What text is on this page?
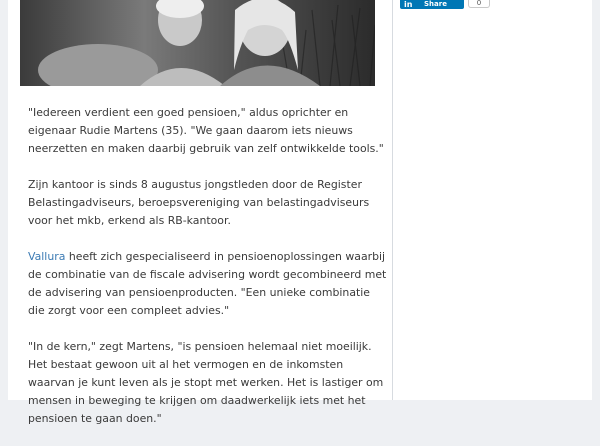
"Iedereen verdient een goed pensioen," aldus oprichter en eigenaar Rudie Martens (35). "We gaan daarom iets nieuws neerzetten en maken daarbij gebruik van zelf ontwikkelde tools."

Zijn kantoor is sinds 8 augustus jongstleden door de Register Belastingadviseurs, beroepsvereniging van belastingadviseurs voor het mkb, erkend als RB-kantoor.

Vallura heeft zich gespecialiseerd in pensioenoplossingen waarbij de combinatie van de fiscale advisering wordt gecombineerd met de advisering van pensioenproducten. "Een unieke combinatie die zorgt voor een compleet advies."

"In de kern," zegt Martens, "is pensioen helemaal niet moeilijk. Het bestaat gewoon uit al het vermogen en de inkomsten waarvan je kunt leven als je stopt met werken. Het is lastiger om mensen in beweging te krijgen om daadwerkelijk iets met het pensioen te gaan doen."

in Share	0
